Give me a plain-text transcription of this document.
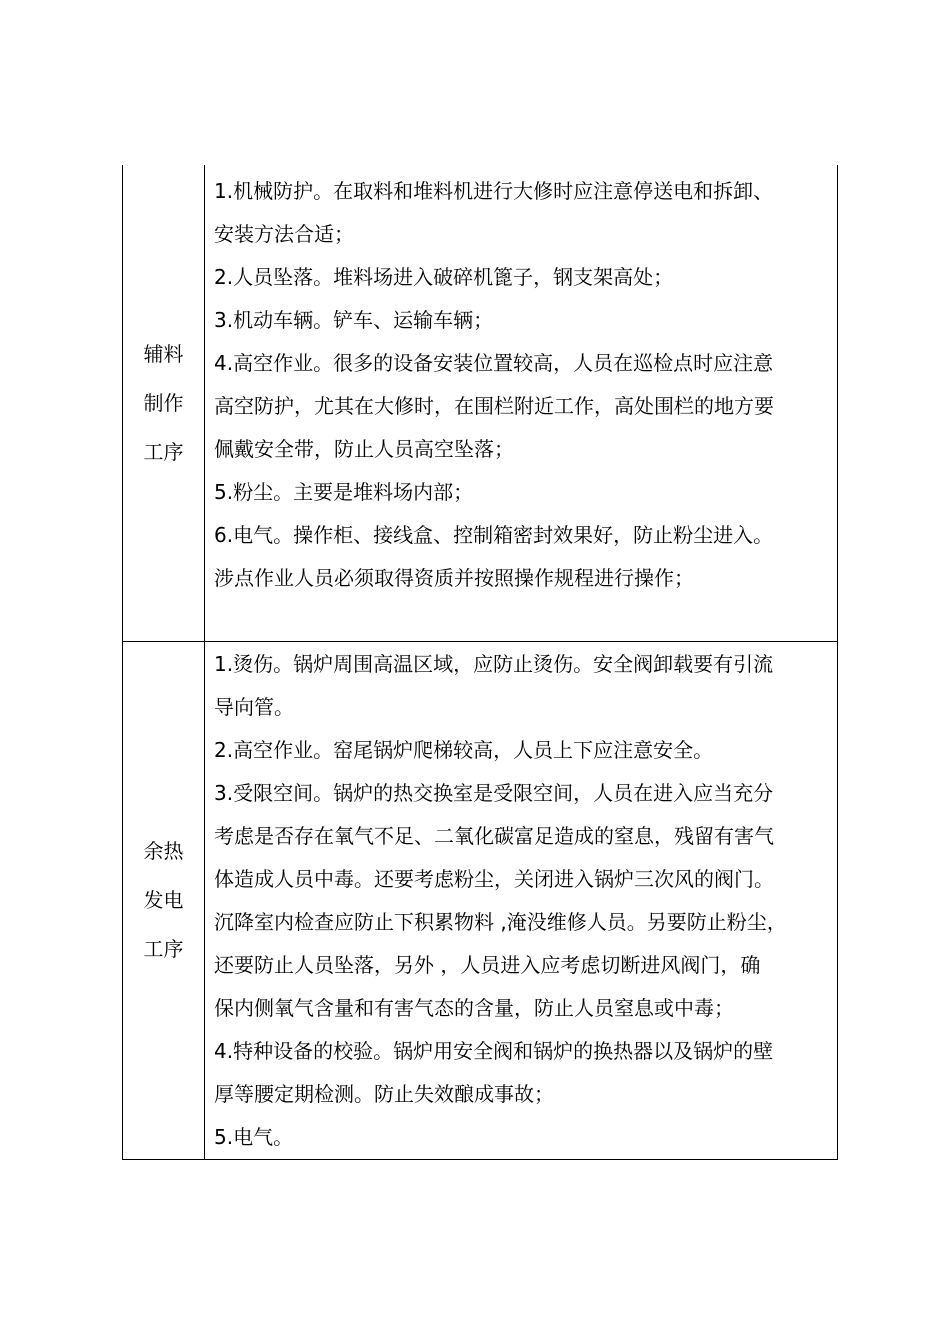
辅料制作工序
1.机械防护。在取料和堆料机进行大修时应注意停送电和拆卸、
安装方法合适；
2.人员坠落。堆料场进入破碎机篦子，钢支架高处；
3.机动车辆。铲车、运输车辆；
4.高空作业。很多的设备安装位置较高，人员在巡检点时应注意
高空防护，尤其在大修时，在围栏附近工作，高处围栏的地方要
佩戴安全带，防止人员高空坠落；
5.粉尘。主要是堆料场内部；
6.电气。操作柜、接线盒、控制箱密封效果好，防止粉尘进入。
涉点作业人员必须取得资质并按照操作规程进行操作；
余热发电工序
1.烫伤。锅炉周围高温区域，应防止烫伤。安全阀卸载要有引流
导向管。
2.高空作业。窑尾锅炉爬梯较高，人员上下应注意安全。
3.受限空间。锅炉的热交换室是受限空间，人员在进入应当充分
考虑是否存在氧气不足、二氧化碳富足造成的窒息，残留有害气
体造成人员中毒。还要考虑粉尘，关闭进入锅炉三次风的阀门。
沉降室内检查应防止下积累物料 ,淹没维修人员。另要防止粉尘，
还要防止人员坠落，另外 ，人员进入应考虑切断进风阀门，确
保内侧氧气含量和有害气态的含量，防止人员窒息或中毒；
4.特种设备的校验。锅炉用安全阀和锅炉的换热器以及锅炉的壁
厚等腰定期检测。防止失效酿成事故；
5.电气。
